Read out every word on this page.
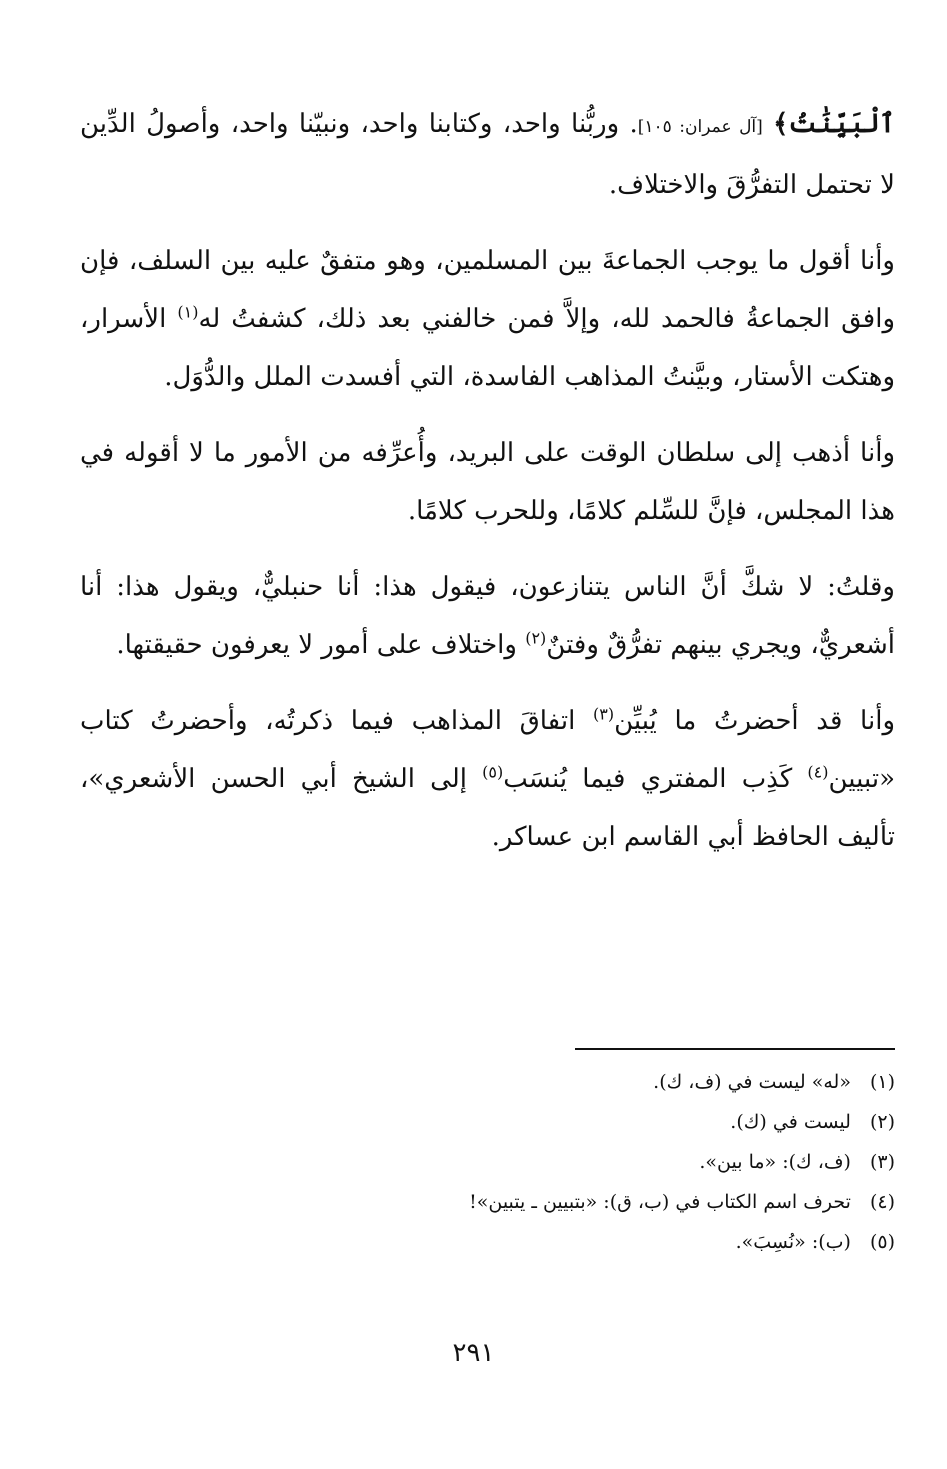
ٱلْبَيِّنَٰتُ﴾ [آل عمران: ١٠٥]. وربُّنا واحد، وكتابنا واحد، ونبيّنا واحد، وأصولُ الدِّين لا تحتمل التفرُّقَ والاختلاف.

وأنا أقول ما يوجب الجماعةَ بين المسلمين، وهو متفقٌ عليه بين السلف، فإن وافق الجماعةُ فالحمد لله، وإلاَّ فمن خالفني بعد ذلك، كشفتُ له$^{(١)}$ الأسرار، وهتكت الأستار، وبيَّنتُ المذاهب الفاسدة، التي أفسدت الملل والدُّوَل.

وأنا أذهب إلى سلطان الوقت على البريد، وأُعرِّفه من الأمور ما لا أقوله في هذا المجلس، فإنَّ للسِّلم كلامًا، وللحرب كلامًا.

وقلتُ: لا شكَّ أنَّ الناس يتنازعون، فيقول هذا: أنا حنبليٌّ، ويقول هذا: أنا أشعريٌّ، ويجري بينهم تفرُّقٌ وفتنٌ$^{(٢)}$ واختلاف على أمور لا يعرفون حقيقتها.

وأنا قد أحضرتُ ما يُبيِّن$^{(٣)}$ اتفاقَ المذاهب فيما ذكرتُه، وأحضرتُ كتاب «تبيين$^{(٤)}$ كَذِب المفتري فيما يُنسَب$^{(٥)}$ إلى الشيخ أبي الحسن الأشعري»، تأليف الحافظ أبي القاسم ابن عساكر.

(١) «له» ليست في (ف، ك).
(٢) ليست في (ك).
(٣) (ف، ك): «ما بين».
(٤) تحرف اسم الكتاب في (ب، ق): «بتبيين ـ يتبين»!
(٥) (ب): «نُسِبَ».
٢٩١
